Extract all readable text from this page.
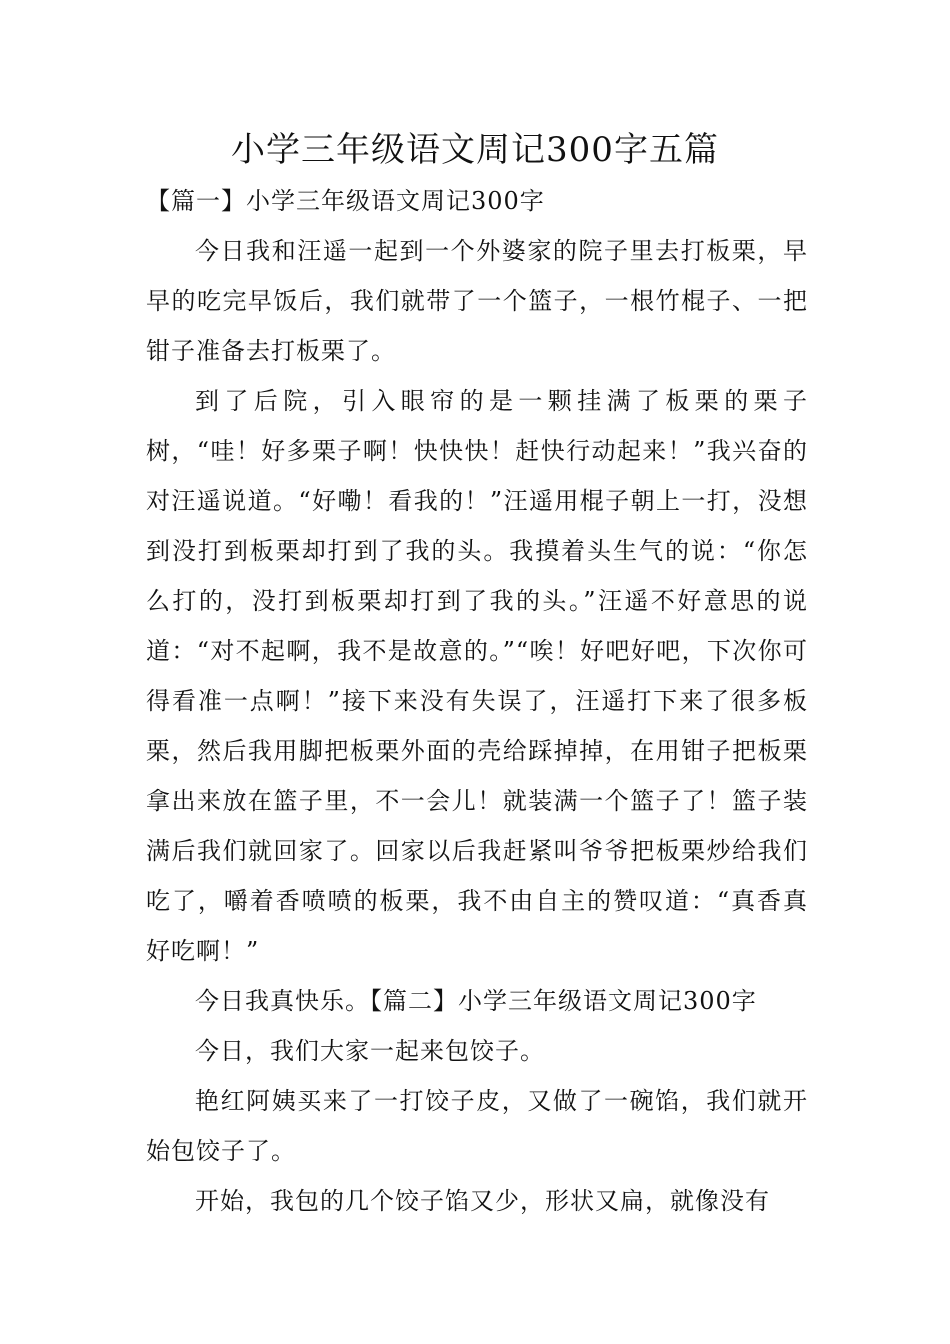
小学三年级语文周记300字五篇

【篇一】小学三年级语文周记300字

今日我和汪遥一起到一个外婆家的院子里去打板栗，早早的吃完早饭后，我们就带了一个篮子，一根竹棍子、一把钳子准备去打板栗了。

到了后院，引入眼帘的是一颗挂满了板栗的栗子树，“哇！好多栗子啊！快快快！赶快行动起来！”我兴奋的对汪遥说道。“好嘞！看我的！”汪遥用棍子朝上一打，没想到没打到板栗却打到了我的头。我摸着头生气的说：“你怎么打的，没打到板栗却打到了我的头。”汪遥不好意思的说道：“对不起啊，我不是故意的。”“唉！好吧好吧，下次你可得看准一点啊！”接下来没有失误了，汪遥打下来了很多板栗，然后我用脚把板栗外面的壳给踩掉掉，在用钳子把板栗拿出来放在篮子里，不一会儿！就装满一个篮子了！篮子装满后我们就回家了。回家以后我赶紧叫爷爷把板栗炒给我们吃了，嚼着香喷喷的板栗，我不由自主的赞叹道：“真香真好吃啊！”

今日我真快乐。【篇二】小学三年级语文周记300字

今日，我们大家一起来包饺子。

艳红阿姨买来了一打饺子皮，又做了一碗馅，我们就开始包饺子了。

开始，我包的几个饺子馅又少，形状又扁，就像没有
